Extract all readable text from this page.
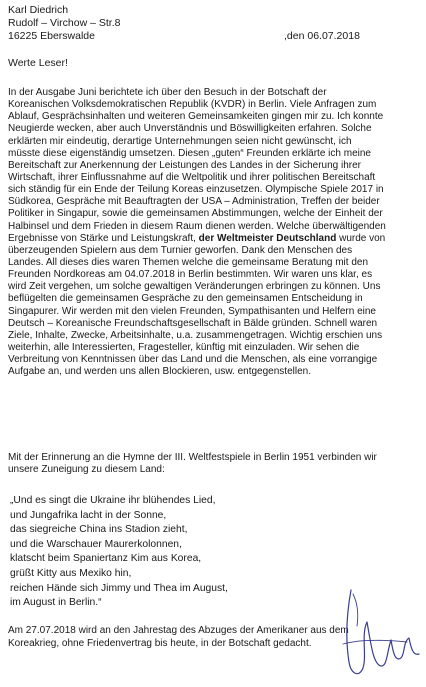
Karl Diedrich
Rudolf – Virchow – Str.8
16225 Eberswalde	,den 06.07.2018
Werte Leser!
In der Ausgabe Juni berichtete ich über den Besuch in der Botschaft der
Koreanischen Volksdemokratischen Republik (KVDR) in Berlin. Viele Anfragen zum
Ablauf, Gesprächsinhalten und weiteren Gemeinsamkeiten gingen mir zu. Ich konnte
Neugierde wecken, aber auch Unverständnis und Böswilligkeiten erfahren. Solche
erklärten mir eindeutig, derartige Unternehmungen seien nicht gewünscht, ich
müsste diese eigenständig umsetzen. Diesen „guten“ Freunden erklärte ich meine
Bereitschaft zur Anerkennung der Leistungen des Landes in der Sicherung ihrer
Wirtschaft, ihrer Einflussnahme auf die Weltpolitik und ihrer politischen Bereitschaft
sich ständig für ein Ende der Teilung Koreas einzusetzen. Olympische Spiele 2017 in
Südkorea, Gespräche mit Beauftragten der USA – Administration, Treffen der beider
Politiker in Singapur, sowie die gemeinsamen Abstimmungen, welche der Einheit der
Halbinsel und dem Frieden in diesem Raum dienen werden. Welche überwältigenden
Ergebnisse von Stärke und Leistungskraft, der Weltmeister Deutschland wurde von
überzeugenden Spielern aus dem Turnier geworfen. Dank den Menschen des
Landes. All dieses dies waren Themen welche die gemeinsame Beratung mit den
Freunden Nordkoreas am 04.07.2018 in Berlin bestimmten. Wir waren uns klar, es
wird Zeit vergehen, um solche gewaltigen Veränderungen erbringen zu können. Uns
beflügelten die gemeinsamen Gespräche zu den gemeinsamen Entscheidung in
Singapurer. Wir werden mit den vielen Freunden, Sympathisanten und Helfern eine
Deutsch – Koreanische Freundschaftsgesellschaft in Bälde gründen. Schnell waren
Ziele, Inhalte, Zwecke, Arbeitsinhalte, u.a. zusammengetragen. Wichtig erschien uns
weiterhin, alle Interessierten, Fragesteller, künftig mit einzuladen. Wir sehen die
Verbreitung von Kenntnissen über das Land und die Menschen, als eine vorrangige
Aufgabe an, und werden uns allen Blockieren, usw. entgegenstellen.
Mit der Erinnerung an die Hymne der III. Weltfestspiele in Berlin 1951 verbinden wir
unsere Zuneigung zu diesem Land:
„Und es singt die Ukraine ihr blühendes Lied,
und Jungafrika lacht in der Sonne,
das siegreiche China ins Stadion zieht,
und die Warschauer Maurerkolonnen,
klatscht beim Spaniertanz Kim aus Korea,
grüßt Kitty aus Mexiko hin,
reichen Hände sich Jimmy und Thea im August,
im August in Berlin.“
Am 27.07.2018 wird an den Jahrestag des Abzuges der Amerikaner aus dem
Koreakrieg, ohne Friedenvertrag bis heute, in der Botschaft gedacht.
